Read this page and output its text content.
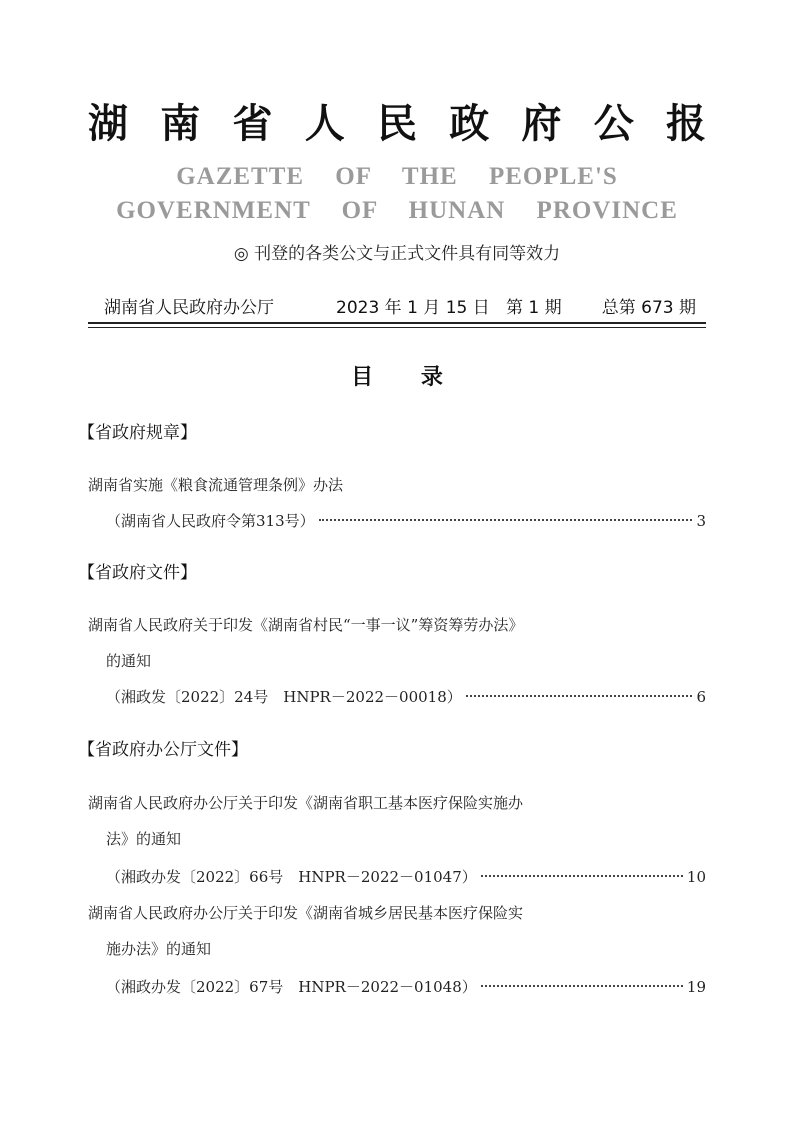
湖 南 省 人 民 政 府 公 报
GAZETTE OF THE PEOPLE'S
GOVERNMENT OF HUNAN PROVINCE
◎ 刊登的各类公文与正式文件具有同等效力
湖南省人民政府办公厅	2023 年 1 月 15 日 第 1 期 总第 673 期
目 录
【省政府规章】
湖南省实施《粮食流通管理条例》办法
（湖南省人民政府令第313号）	3
【省政府文件】
湖南省人民政府关于印发《湖南省村民“一事一议”筹资筹劳办法》
的通知
（湘政发〔2022〕24号　HNPR－2022－00018）	6
【省政府办公厅文件】
湖南省人民政府办公厅关于印发《湖南省职工基本医疗保险实施办
法》的通知
（湘政办发〔2022〕66号　HNPR－2022－01047）	10
湖南省人民政府办公厅关于印发《湖南省城乡居民基本医疗保险实
施办法》的通知
（湘政办发〔2022〕67号　HNPR－2022－01048）	19
